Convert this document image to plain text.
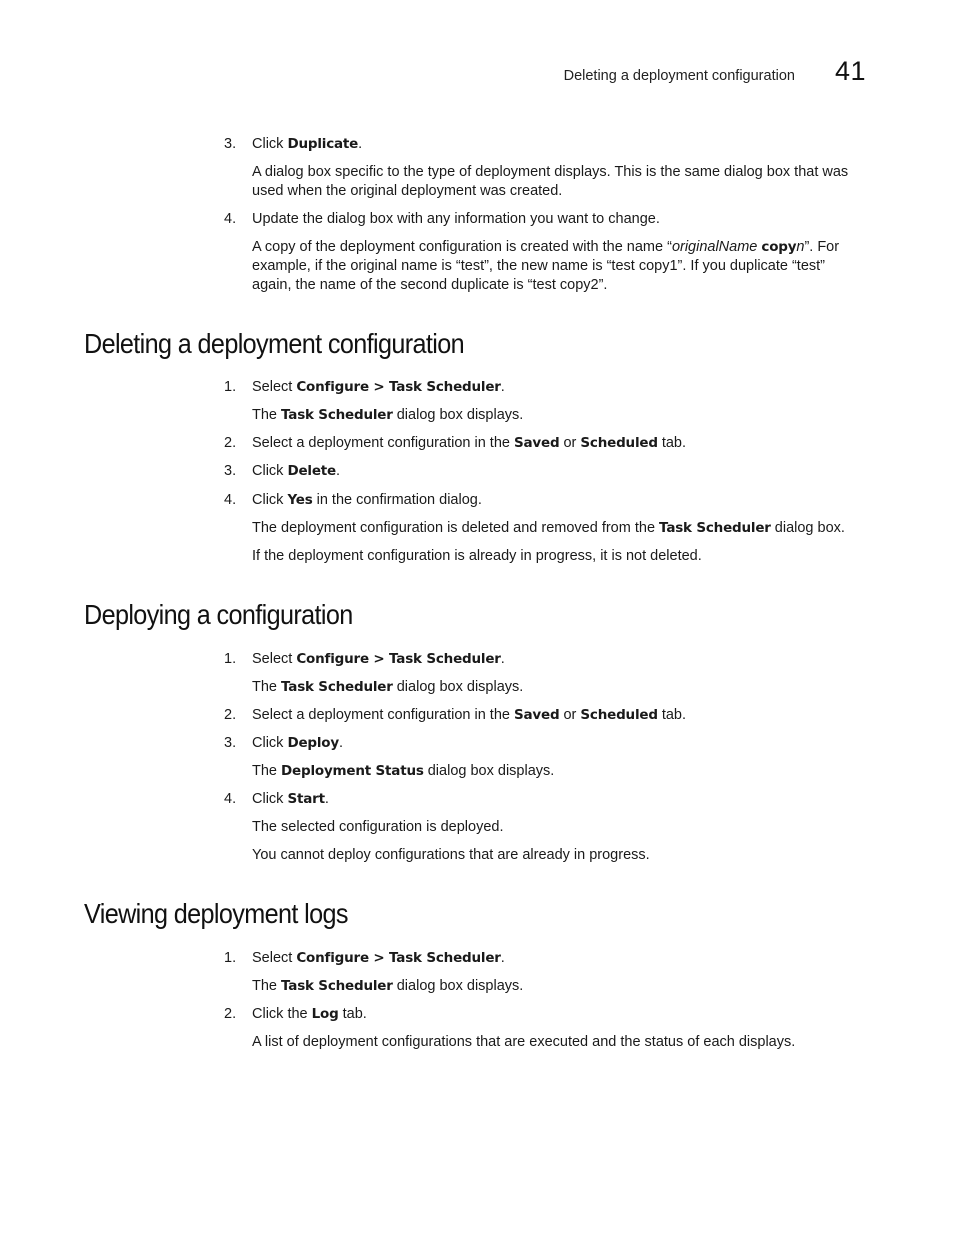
Deleting a deployment configuration 41
3. Click Duplicate.
A dialog box specific to the type of deployment displays. This is the same dialog box that was used when the original deployment was created.
4. Update the dialog box with any information you want to change.
A copy of the deployment configuration is created with the name “originalName copyn”. For example, if the original name is “test”, the new name is “test copy1”. If you duplicate “test” again, the name of the second duplicate is “test copy2”.
Deleting a deployment configuration
1. Select Configure > Task Scheduler.
The Task Scheduler dialog box displays.
2. Select a deployment configuration in the Saved or Scheduled tab.
3. Click Delete.
4. Click Yes in the confirmation dialog.
The deployment configuration is deleted and removed from the Task Scheduler dialog box.
If the deployment configuration is already in progress, it is not deleted.
Deploying a configuration
1. Select Configure > Task Scheduler.
The Task Scheduler dialog box displays.
2. Select a deployment configuration in the Saved or Scheduled tab.
3. Click Deploy.
The Deployment Status dialog box displays.
4. Click Start.
The selected configuration is deployed.
You cannot deploy configurations that are already in progress.
Viewing deployment logs
1. Select Configure > Task Scheduler.
The Task Scheduler dialog box displays.
2. Click the Log tab.
A list of deployment configurations that are executed and the status of each displays.
